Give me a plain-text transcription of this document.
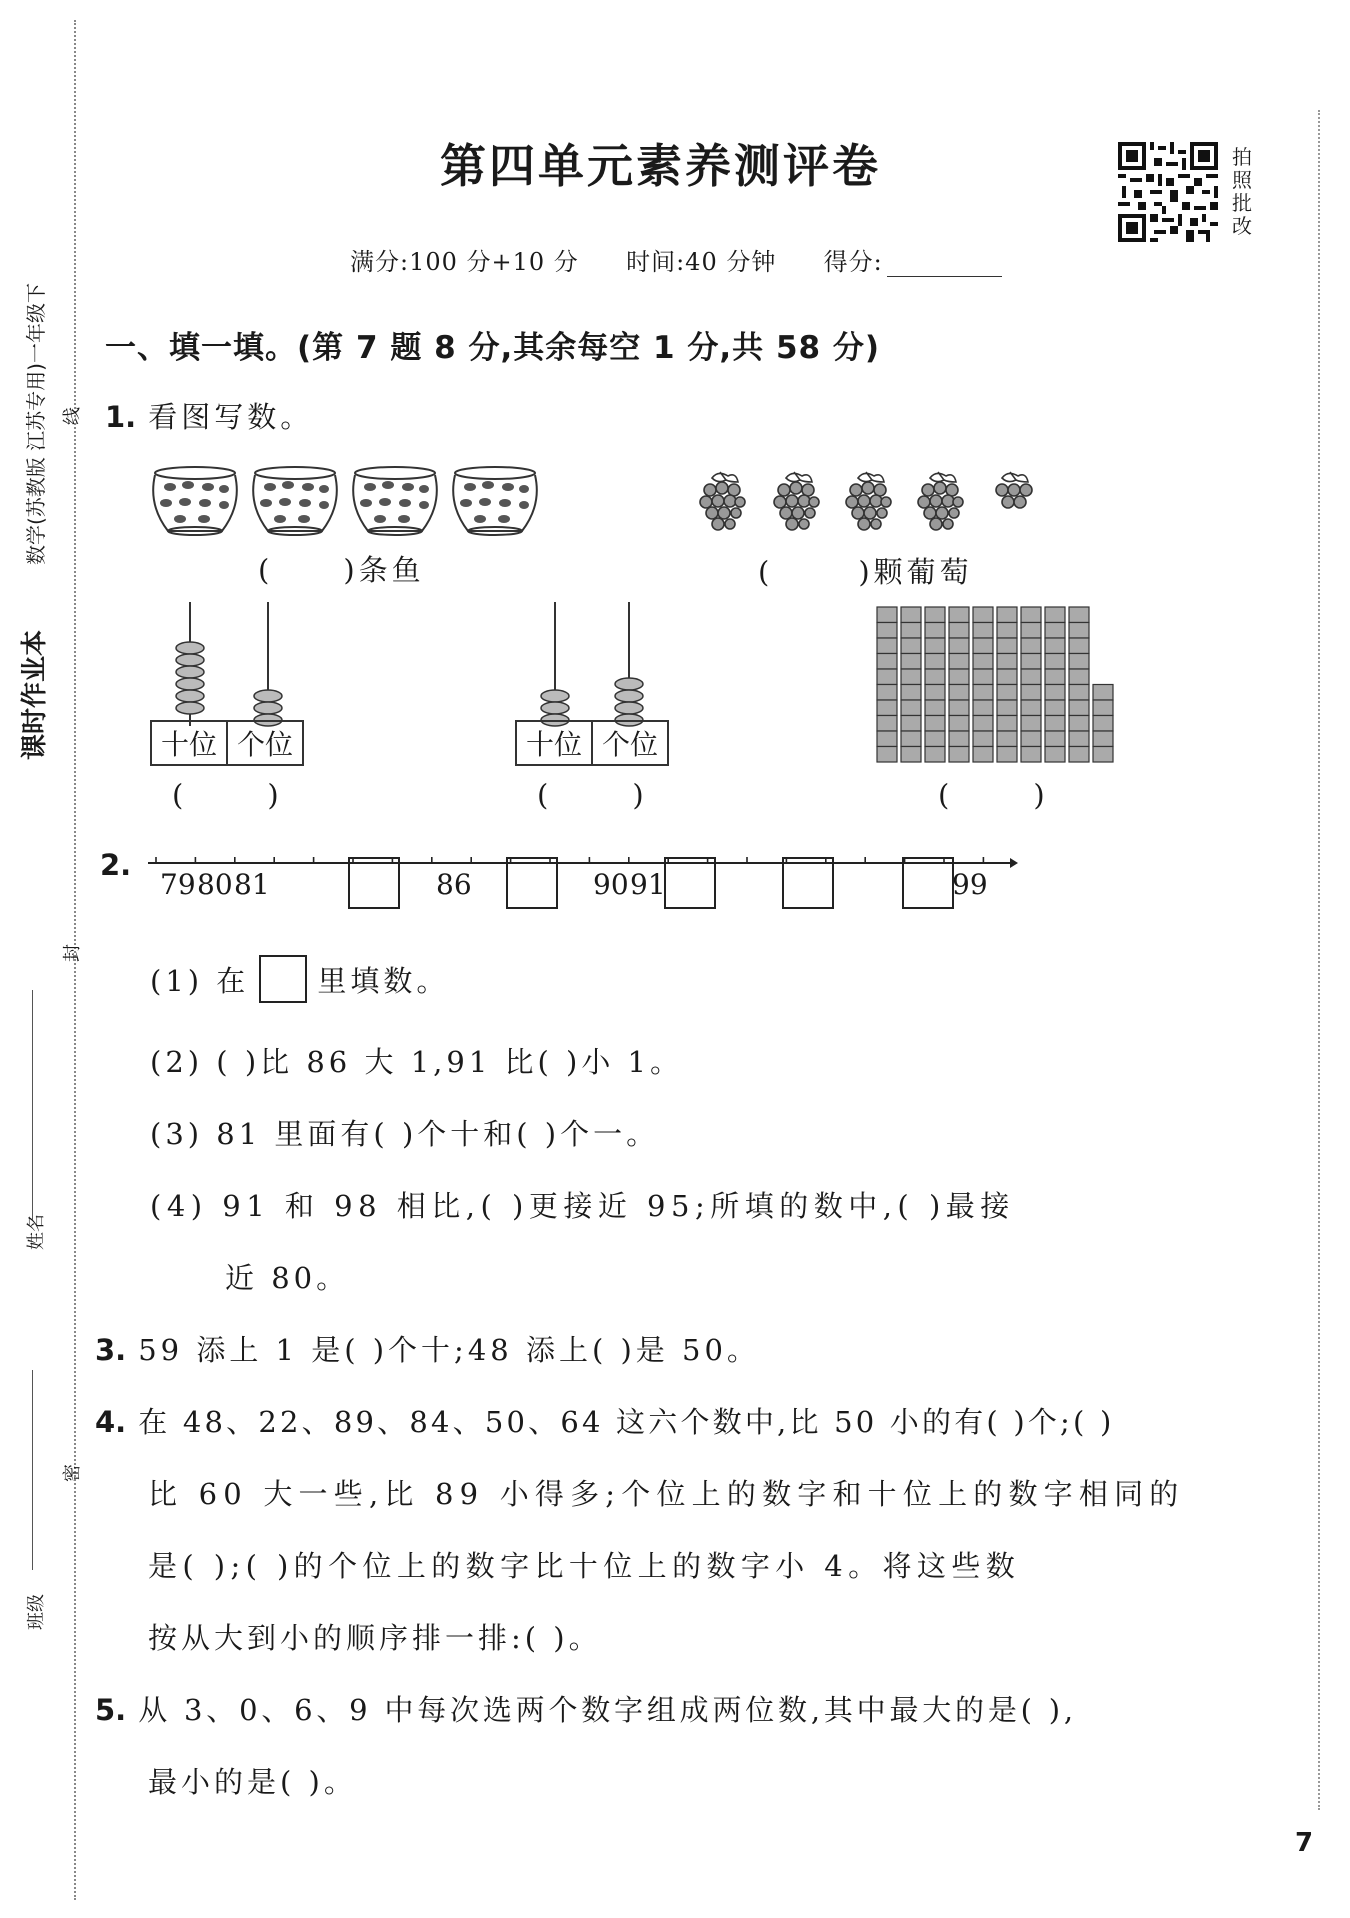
课时作业本
数学(苏教版 江苏专用)一年级下 线
封
密
姓名
班级
第四单元素养测评卷
满分:100 分+10 分 时间:40 分钟 得分:
拍
照
批
改
一、填一填。(第 7 题 8 分,其余每空 1 分,共 58 分)
1. 看图写数。
( )条鱼	(	)颗葡萄
十位 个位
(	)
十位 个位
(	)	(	)
2.
79 80 81	86	90 91	99
(1) 在 里填数。
(2) ( )比 86 大 1,91 比( )小 1。
(3) 81 里面有( )个十和( )个一。
(4) 91 和 98 相比,( )更接近 95;所填的数中,( )最接
近 80。
3. 59 添上 1 是( )个十;48 添上( )是 50。
4. 在 48、22、89、84、50、64 这六个数中,比 50 小的有( )个;( )
比 60 大一些,比 89 小得多;个位上的数字和十位上的数字相同的
是( );( )的个位上的数字比十位上的数字小 4。将这些数
按从大到小的顺序排一排:( )。
5. 从 3、0、6、9 中每次选两个数字组成两位数,其中最大的是( ),
最小的是( )。
7
